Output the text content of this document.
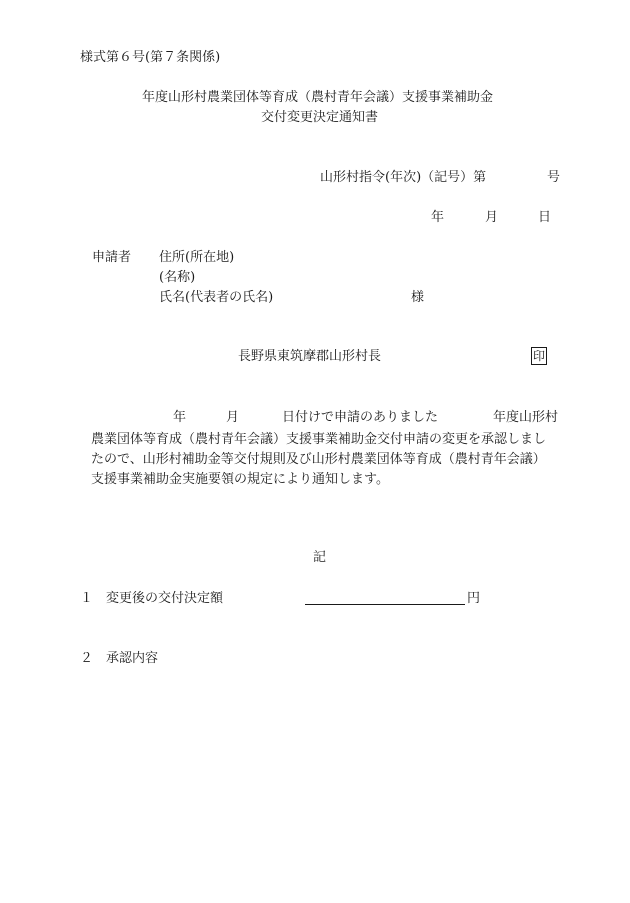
様式第６号(第７条関係)
年度山形村農業団体等育成（農村青年会議）支援事業補助金
交付変更決定通知書
山形村指令(年次)（記号）第	号
年	月	日
申請者 住所(所在地)
(名称)
氏名(代表者の氏名)	様
長野県東筑摩郡山形村長	印
年	月	日付けで申請のありました	年度山形村
農業団体等育成（農村青年会議）支援事業補助金交付申請の変更を承認しまし
たので、山形村補助金等交付規則及び山形村農業団体等育成（農村青年会議）
支援事業補助金実施要領の規定により通知します。
記
１ 変更後の交付決定額	円
２ 承認内容
